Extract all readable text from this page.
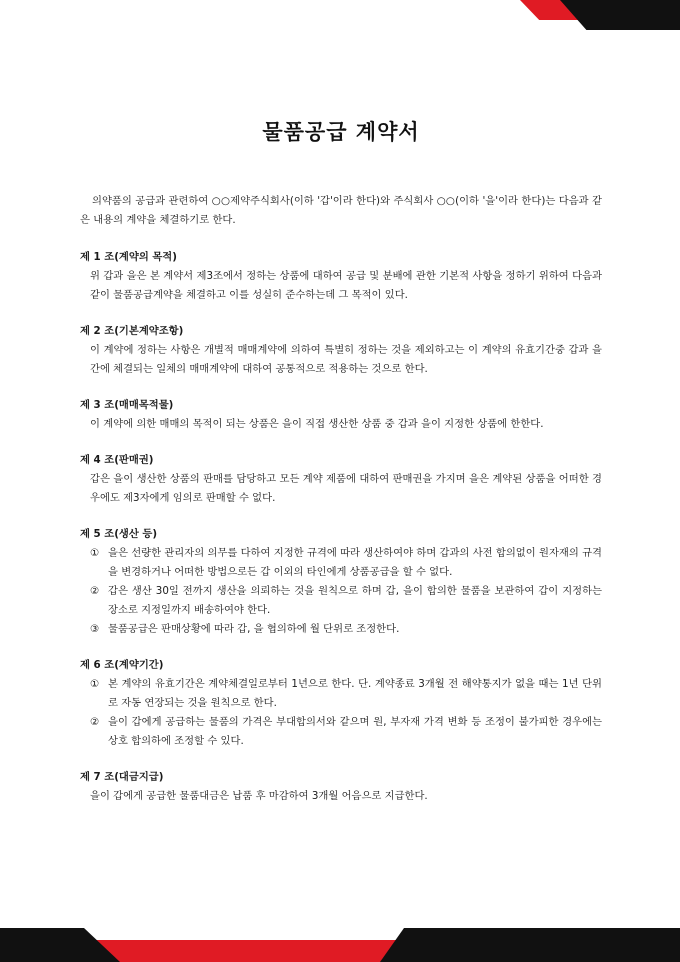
물품공급 계약서

의약품의 공급과 관련하여 ○○제약주식회사(이하 '갑'이라 한다)와 주식회사 ○○(이하 '을'이라 한다)는 다음과 같은 내용의 계약을 체결하기로 한다.

제 1 조(계약의 목적)

위 갑과 을은 본 계약서 제3조에서 정하는 상품에 대하여 공급 및 분배에 관한 기본적 사항을 정하기 위하여 다음과 같이 물품공급계약을 체결하고 이를 성실히 준수하는데 그 목적이 있다.

제 2 조(기본계약조항)

이 계약에 정하는 사항은 개별적 매매계약에 의하여 특별히 정하는 것을 제외하고는 이 계약의 유효기간중 갑과 을간에 체결되는 일체의 매매계약에 대하여 공통적으로 적용하는 것으로 한다.

제 3 조(매매목적물)

이 계약에 의한 매매의 목적이 되는 상품은 을이 직접 생산한 상품 중 갑과 을이 지정한 상품에 한한다.

제 4 조(판매권)

갑은 을이 생산한 상품의 판매를 담당하고 모든 계약 제품에 대하여 판매권을 가지며 을은 계약된 상품을 어떠한 경우에도 제3자에게 임의로 판매할 수 없다.

제 5 조(생산 등)

① 을은 선량한 관리자의 의무를 다하여 지정한 규격에 따라 생산하여야 하며 갑과의 사전 합의없이 원자재의 규격을 변경하거나 어떠한 방법으로든 갑 이외의 타인에게 상품공급을 할 수 없다.
② 갑은 생산 30일 전까지 생산을 의뢰하는 것을 원칙으로 하며 갑, 을이 합의한 물품을 보관하여 갑이 지정하는 장소로 지정일까지 배송하여야 한다.
③ 물품공급은 판매상황에 따라 갑, 을 협의하에 월 단위로 조정한다.

제 6 조(계약기간)

① 본 계약의 유효기간은 계약체결일로부터 1년으로 한다. 단. 계약종료 3개월 전 해약통지가 없을 때는 1년 단위로 자동 연장되는 것을 원칙으로 한다.
② 을이 갑에게 공급하는 물품의 가격은 부대합의서와 같으며 원, 부자재 가격 변화 등 조정이 불가피한 경우에는 상호 합의하에 조정할 수 있다.

제 7 조(대금지급)

을이 갑에게 공급한 물품대금은 납품 후 마감하여 3개월 어음으로 지급한다.
